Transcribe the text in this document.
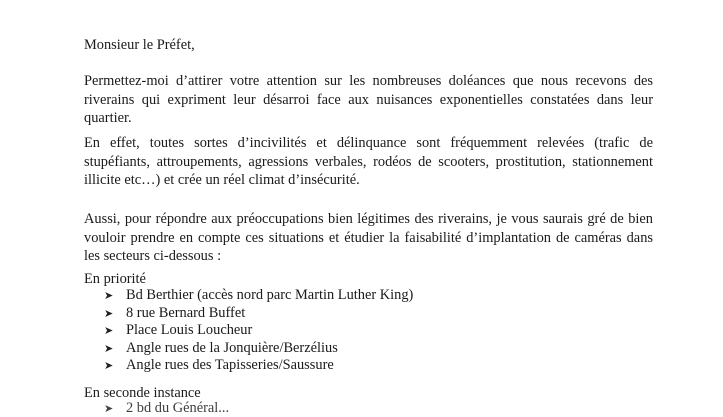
Monsieur le Préfet,

Permettez-moi d’attirer votre attention sur les nombreuses doléances que nous recevons des
riverains qui expriment leur désarroi face aux nuisances exponentielles constatées dans leur
quartier.

En effet, toutes sortes d’incivilités et délinquance sont fréquemment relevées (trafic de
stupéfiants, attroupements, agressions verbales, rodéos de scooters, prostitution, stationnement
illicite etc…) et crée un réel climat d’insécurité.

Aussi, pour répondre aux préoccupations bien légitimes des riverains, je vous saurais gré de bien
vouloir prendre en compte ces situations et étudier la faisabilité d’implantation de caméras dans
les secteurs ci-dessous :

En priorité

➤ Bd Berthier (accès nord parc Martin Luther King)
➤ 8 rue Bernard Buffet
➤ Place Louis Loucheur
➤ Angle rues de la Jonquière/Berzélius
➤ Angle rues des Tapisseries/Saussure

En seconde instance

➤ 2 bd du Général...
